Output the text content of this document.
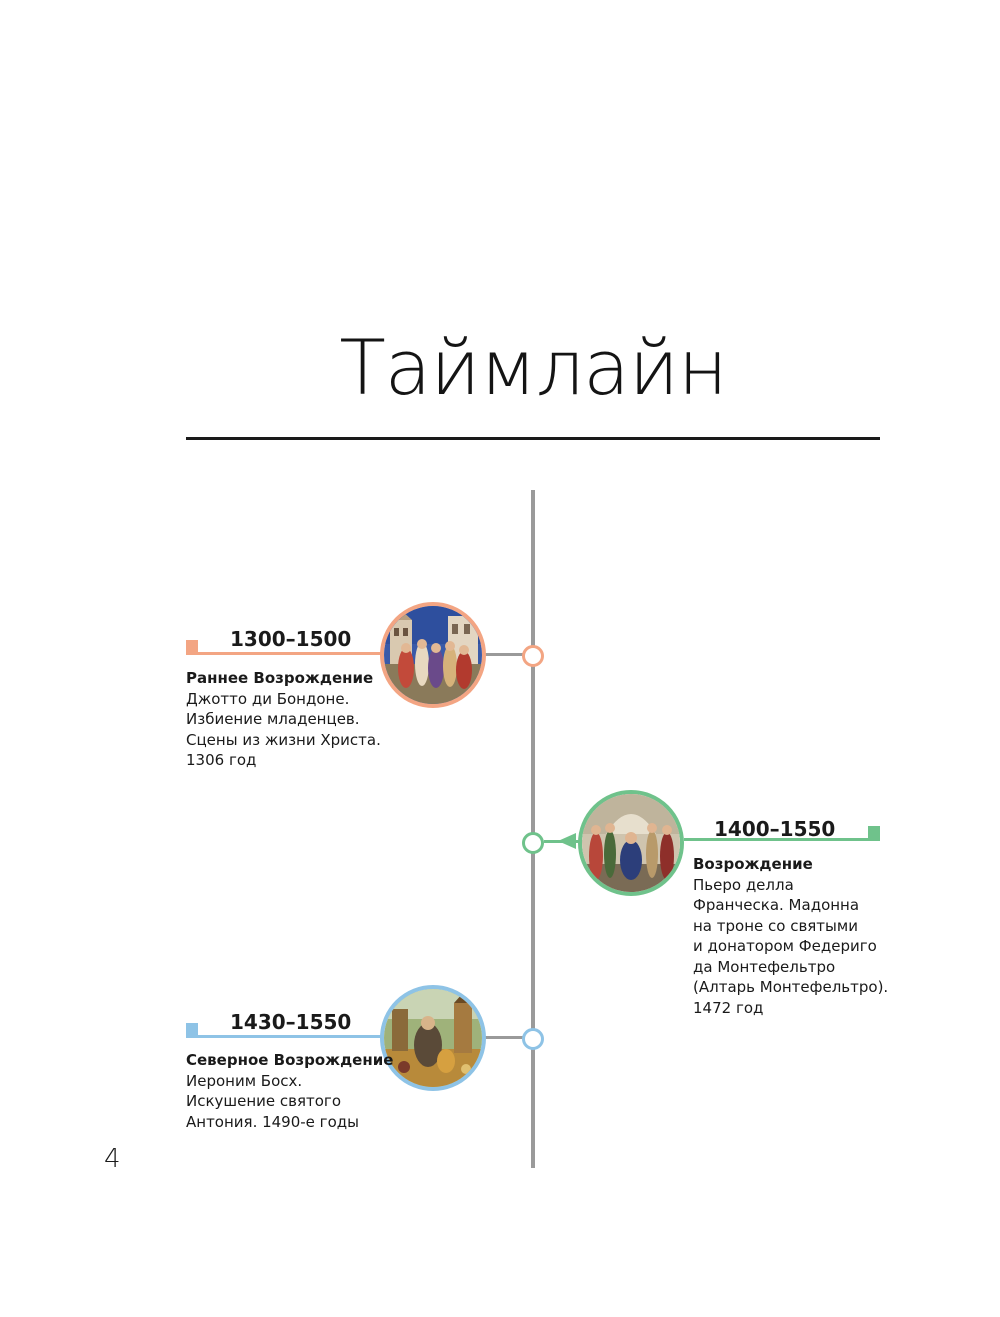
Таймлайн
1300–1500
Раннее Возрождение
Джотто ди Бондоне.
Избиение младенцев.
Сцены из жизни Христа.
1306 год
1400–1550
Возрождение
Пьеро делла
Франческа. Мадонна
на троне со святыми
и донатором Федериго
да Монтефельтро
(Алтарь Монтефельтро).
1472 год
1430–1550
Северное Возрождение
Иероним Босх.
Искушение святого
Антония. 1490-е годы
4
